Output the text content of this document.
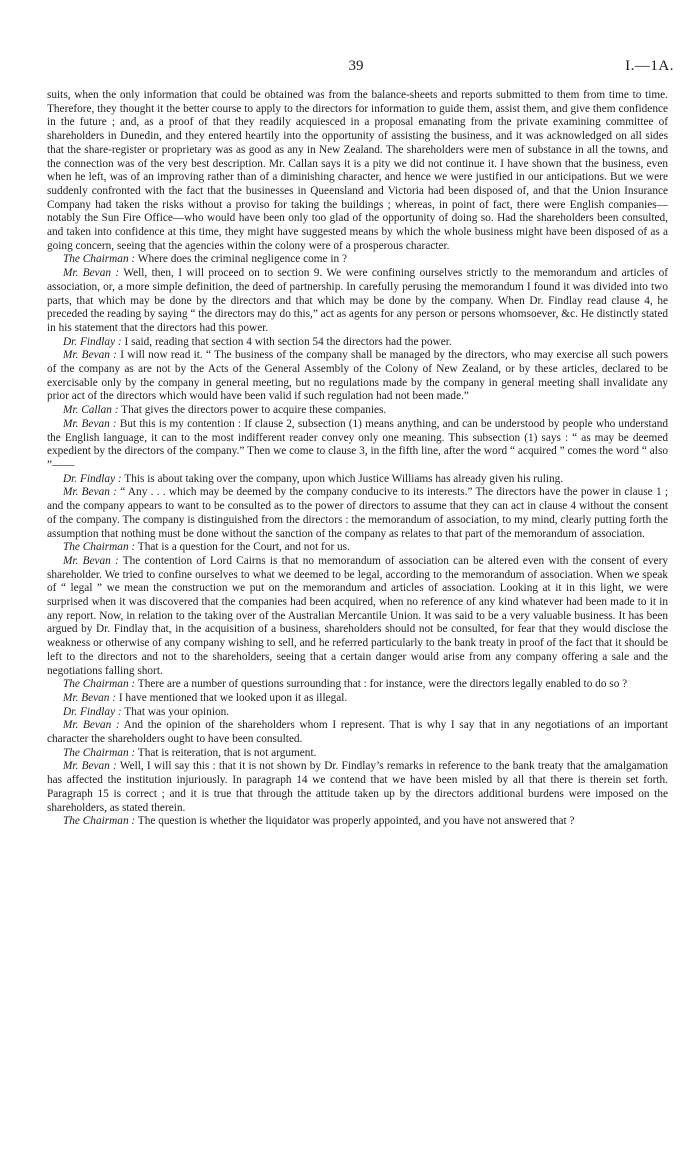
39	I.—1A.

suits, when the only information that could be obtained was from the balance-sheets and reports submitted to them from time to time. Therefore, they thought it the better course to apply to the directors for information to guide them, assist them, and give them confidence in the future ; and, as a proof of that they readily acquiesced in a proposal emanating from the private examining committee of shareholders in Dunedin, and they entered heartily into the opportunity of assisting the business, and it was acknowledged on all sides that the share-register or proprietary was as good as any in New Zealand. The shareholders were men of substance in all the towns, and the connection was of the very best description. Mr. Callan says it is a pity we did not continue it. I have shown that the business, even when he left, was of an improving rather than of a diminishing character, and hence we were justified in our anticipations. But we were suddenly confronted with the fact that the businesses in Queensland and Victoria had been disposed of, and that the Union Insurance Company had taken the risks without a proviso for taking the buildings ; whereas, in point of fact, there were English companies—notably the Sun Fire Office—who would have been only too glad of the opportunity of doing so. Had the shareholders been consulted, and taken into confidence at this time, they might have suggested means by which the whole business might have been disposed of as a going concern, seeing that the agencies within the colony were of a prosperous character.

The Chairman : Where does the criminal negligence come in ?

Mr. Bevan : Well, then, I will proceed on to section 9. We were confining ourselves strictly to the memorandum and articles of association, or, a more simple definition, the deed of partnership. In carefully perusing the memorandum I found it was divided into two parts, that which may be done by the directors and that which may be done by the company. When Dr. Findlay read clause 4, he preceded the reading by saying “ the directors may do this,” act as agents for any person or persons whomsoever, &c. He distinctly stated in his statement that the directors had this power.

Dr. Findlay : I said, reading that section 4 with section 54 the directors had the power.

Mr. Bevan : I will now read it. “ The business of the company shall be managed by the directors, who may exercise all such powers of the company as are not by the Acts of the General Assembly of the Colony of New Zealand, or by these articles, declared to be exercisable only by the company in general meeting, but no regulations made by the company in general meeting shall invalidate any prior act of the directors which would have been valid if such regulation had not been made.”

Mr. Callan : That gives the directors power to acquire these companies.

Mr. Bevan : But this is my contention : If clause 2, subsection (1) means anything, and can be understood by people who understand the English language, it can to the most indifferent reader convey only one meaning. This subsection (1) says : “ as may be deemed expedient by the directors of the company.” Then we come to clause 3, in the fifth line, after the word “ acquired ” comes the word “ also ”——

Dr. Findlay : This is about taking over the company, upon which Justice Williams has already given his ruling.

Mr. Bevan : “ Any . . . which may be deemed by the company conducive to its interests.” The directors have the power in clause 1 ; and the company appears to want to be consulted as to the power of directors to assume that they can act in clause 4 without the consent of the company. The company is distinguished from the directors : the memorandum of association, to my mind, clearly putting forth the assumption that nothing must be done without the sanction of the company as relates to that part of the memorandum of association.

The Chairman : That is a question for the Court, and not for us.

Mr. Bevan : The contention of Lord Cairns is that no memorandum of association can be altered even with the consent of every shareholder. We tried to confine ourselves to what we deemed to be legal, according to the memorandum of association. When we speak of “ legal ” we mean the construction we put on the memorandum and articles of association. Looking at it in this light, we were surprised when it was discovered that the companies had been acquired, when no reference of any kind whatever had been made to it in any report. Now, in relation to the taking over of the Australian Mercantile Union. It was said to be a very valuable business. It has been argued by Dr. Findlay that, in the acquisition of a business, shareholders should not be consulted, for fear that they would disclose the weakness or otherwise of any company wishing to sell, and he referred particularly to the bank treaty in proof of the fact that it should be left to the directors and not to the shareholders, seeing that a certain danger would arise from any company offering a sale and the negotiations falling short.

The Chairman : There are a number of questions surrounding that : for instance, were the directors legally enabled to do so ?

Mr. Bevan : I have mentioned that we looked upon it as illegal.

Dr. Findlay : That was your opinion.

Mr. Bevan : And the opinion of the shareholders whom I represent. That is why I say that in any negotiations of an important character the shareholders ought to have been consulted.

The Chairman : That is reiteration, that is not argument.

Mr. Bevan : Well, I will say this : that it is not shown by Dr. Findlay’s remarks in reference to the bank treaty that the amalgamation has affected the institution injuriously. In paragraph 14 we contend that we have been misled by all that there is therein set forth. Paragraph 15 is correct ; and it is true that through the attitude taken up by the directors additional burdens were imposed on the shareholders, as stated therein.

The Chairman : The question is whether the liquidator was properly appointed, and you have not answered that ?
